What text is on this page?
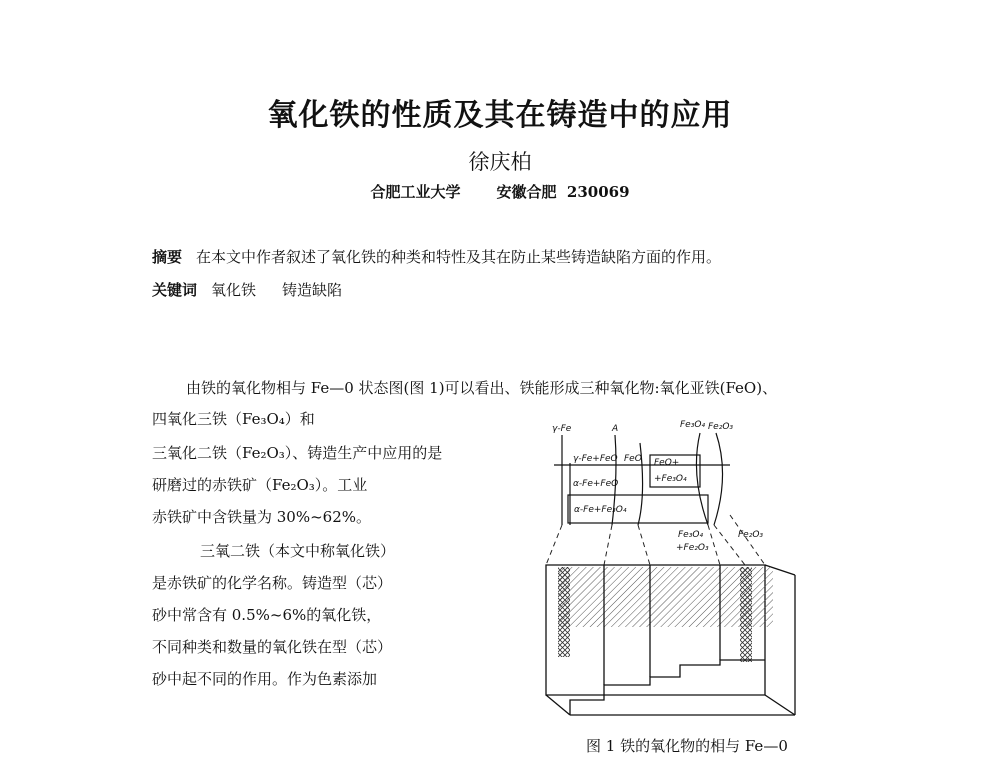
氧化铁的性质及其在铸造中的应用
徐庆柏
合肥工业大学 安徽合肥 230069
摘要 在本文中作者叙述了氧化铁的种类和特性及其在防止某些铸造缺陷方面的作用。
关键词 氧化铁 铸造缺陷
由铁的氧化物相与 Fe—0 状态图(图 1)可以看出、铁能形成三种氧化物:氧化亚铁(FeO)、
四氧化三铁（Fe₃O₄）和
三氧化二铁（Fe₂O₃）、铸造生产中应用的是
研磨过的赤铁矿（Fe₂O₃）。工业
赤铁矿中含铁量为 30%~62%。
三氧二铁（本文中称氧化铁）
是赤铁矿的化学名称。铸造型（芯）
砂中常含有 0.5%~6%的氧化铁，
不同种类和数量的氧化铁在型（芯）
砂中起不同的作用。作为色素添加
γ-Fe	A	Fe₃O₄ Fe₂O₃
γ-Fe+FeO FeO FeO+
α-Fe+FeO	+Fe₃O₄
α-Fe+Fe₃O₄
Fe₃O₄
+Fe₂O₃
Fe₂O₃
图 1 铁的氧化物的相与 Fe—0
